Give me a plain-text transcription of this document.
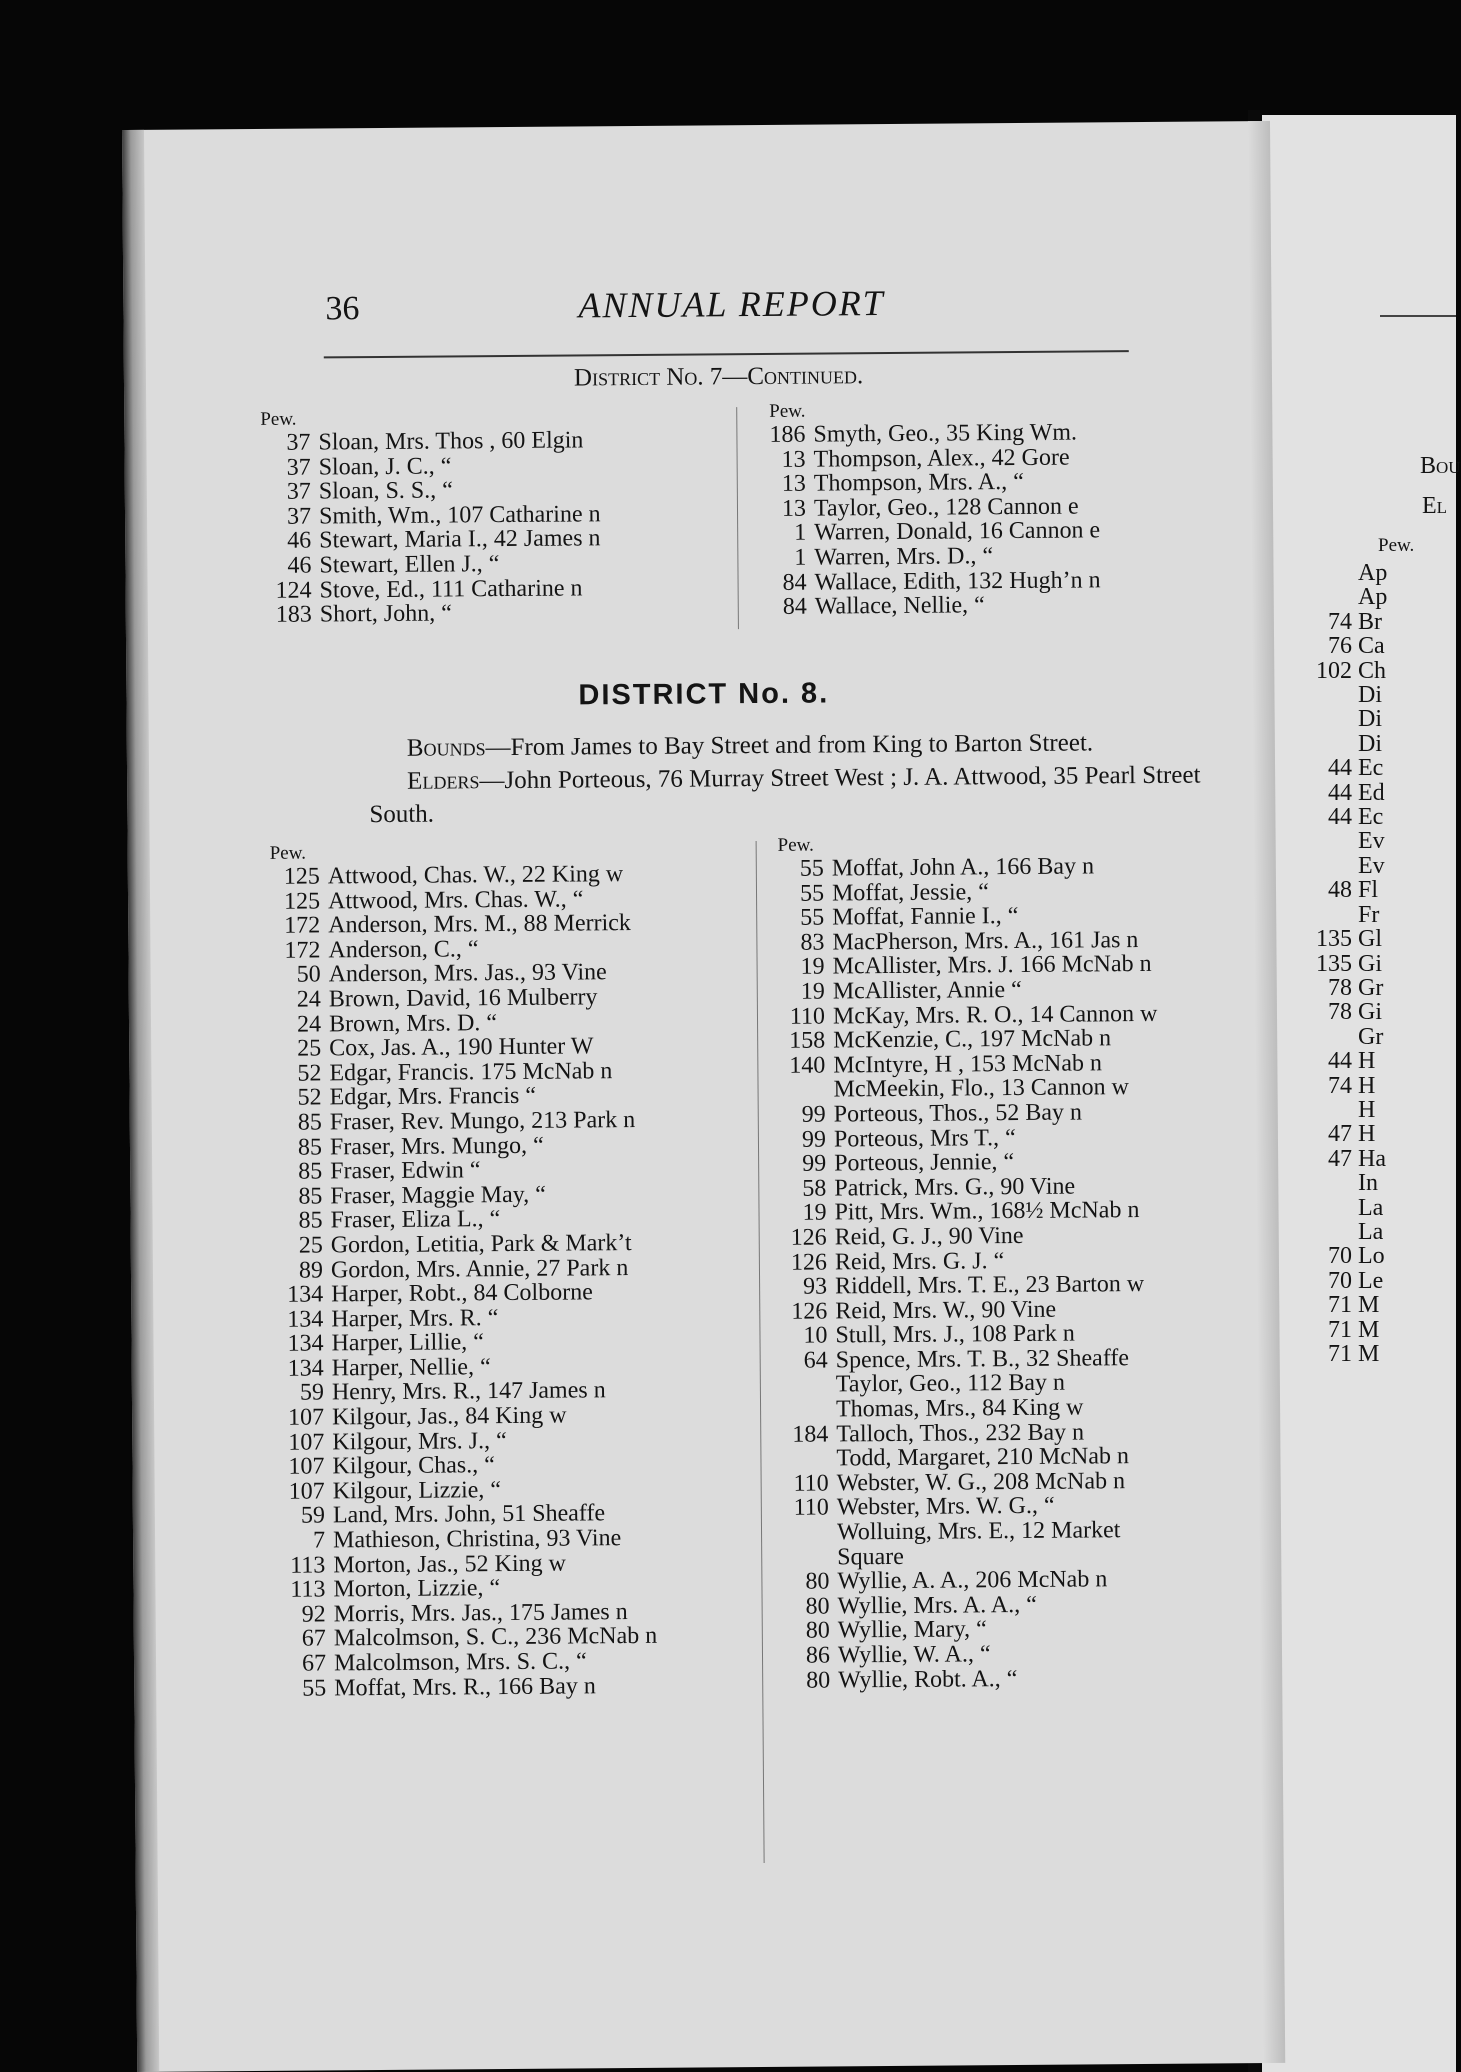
Bou
El
Pew.
Ap
Ap
74 Br
76 Ca
102 Ch
Di
Di
Di
44 Ec
44 Ed
44 Ec
Ev
Ev
48 Fl
Fr
135 Gl
135 Gi
78 Gr
78 Gi
Gr
44 H
74 H
H
47 H
47 Ha
In
La
La
70 Lo
70 Le
71 M
71 M
71 M
36	ANNUAL REPORT
District No. 7—Continued.
Pew.
37 Sloan, Mrs. Thos , 60 Elgin
37 Sloan, J. C., “
37 Sloan, S. S., “
37 Smith, Wm., 107 Catharine n
46 Stewart, Maria I., 42 James n
46 Stewart, Ellen J., “
124 Stove, Ed., 111 Catharine n
183 Short, John, “
Pew.
186 Smyth, Geo., 35 King Wm.
13 Thompson, Alex., 42 Gore
13 Thompson, Mrs. A., “
13 Taylor, Geo., 128 Cannon e
1 Warren, Donald, 16 Cannon e
1 Warren, Mrs. D., “
84 Wallace, Edith, 132 Hugh’n n
84 Wallace, Nellie, “
DISTRICT No. 8.
Bounds—From James to Bay Street and from King to Barton Street.
Elders—John Porteous, 76 Murray Street West ; J. A. Attwood, 35 Pearl Street South.
Pew.
125 Attwood, Chas. W., 22 King w
125 Attwood, Mrs. Chas. W., “
172 Anderson, Mrs. M., 88 Merrick
172 Anderson, C., “
50 Anderson, Mrs. Jas., 93 Vine
24 Brown, David, 16 Mulberry
24 Brown, Mrs. D. “
25 Cox, Jas. A., 190 Hunter W
52 Edgar, Francis. 175 McNab n
52 Edgar, Mrs. Francis “
85 Fraser, Rev. Mungo, 213 Park n
85 Fraser, Mrs. Mungo, “
85 Fraser, Edwin “
85 Fraser, Maggie May, “
85 Fraser, Eliza L., “
25 Gordon, Letitia, Park & Mark’t
89 Gordon, Mrs. Annie, 27 Park n
134 Harper, Robt., 84 Colborne
134 Harper, Mrs. R. “
134 Harper, Lillie, “
134 Harper, Nellie, “
59 Henry, Mrs. R., 147 James n
107 Kilgour, Jas., 84 King w
107 Kilgour, Mrs. J., “
107 Kilgour, Chas., “
107 Kilgour, Lizzie, “
59 Land, Mrs. John, 51 Sheaffe
7 Mathieson, Christina, 93 Vine
113 Morton, Jas., 52 King w
113 Morton, Lizzie, “
92 Morris, Mrs. Jas., 175 James n
67 Malcolmson, S. C., 236 McNab n
67 Malcolmson, Mrs. S. C., “
55 Moffat, Mrs. R., 166 Bay n
Pew.
55 Moffat, John A., 166 Bay n
55 Moffat, Jessie, “
55 Moffat, Fannie I., “
83 MacPherson, Mrs. A., 161 Jas n
19 McAllister, Mrs. J. 166 McNab n
19 McAllister, Annie “
110 McKay, Mrs. R. O., 14 Cannon w
158 McKenzie, C., 197 McNab n
140 McIntyre, H , 153 McNab n
McMeekin, Flo., 13 Cannon w
99 Porteous, Thos., 52 Bay n
99 Porteous, Mrs T., “
99 Porteous, Jennie, “
58 Patrick, Mrs. G., 90 Vine
19 Pitt, Mrs. Wm., 168½ McNab n
126 Reid, G. J., 90 Vine
126 Reid, Mrs. G. J. “
93 Riddell, Mrs. T. E., 23 Barton w
126 Reid, Mrs. W., 90 Vine
10 Stull, Mrs. J., 108 Park n
64 Spence, Mrs. T. B., 32 Sheaffe
Taylor, Geo., 112 Bay n
Thomas, Mrs., 84 King w
184 Talloch, Thos., 232 Bay n
Todd, Margaret, 210 McNab n
110 Webster, W. G., 208 McNab n
110 Webster, Mrs. W. G., “
Wolluing, Mrs. E., 12 Market
Square
80 Wyllie, A. A., 206 McNab n
80 Wyllie, Mrs. A. A., “
80 Wyllie, Mary, “
86 Wyllie, W. A., “
80 Wyllie, Robt. A., “
